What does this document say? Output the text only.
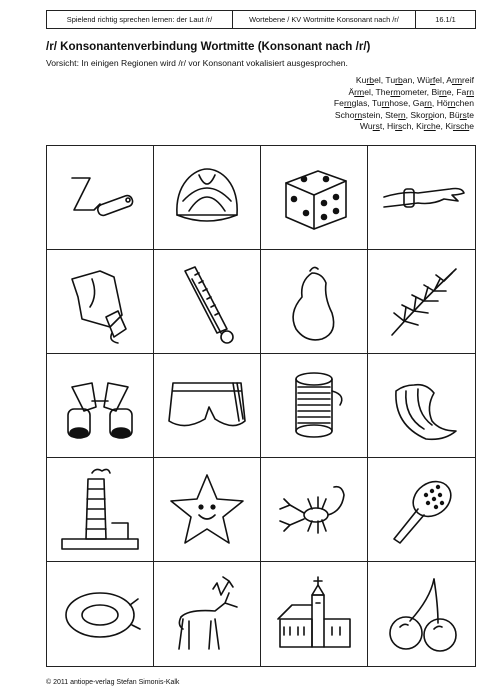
Spielend richtig sprechen lernen: der Laut /r/	Wortebene / KV Wortmitte Konsonant nach /r/	16.1/1
/r/ Konsonantenverbindung Wortmitte (Konsonant nach /r/)
Vorsicht: In einigen Regionen wird /r/ vor Konsonant vokalisiert ausgesprochen.
Kurbel, Turban, Würfel, Armreif
Ärmel, Thermometer, Birne, Farn
Fernglas, Turnhose, Garn, Hörnchen
Schornstein, Stern, Skorpion, Bürste
Wurst, Hirsch, Kirche, Kirsche
© 2011 antiope-verlag Stefan Simonis-Kalk
